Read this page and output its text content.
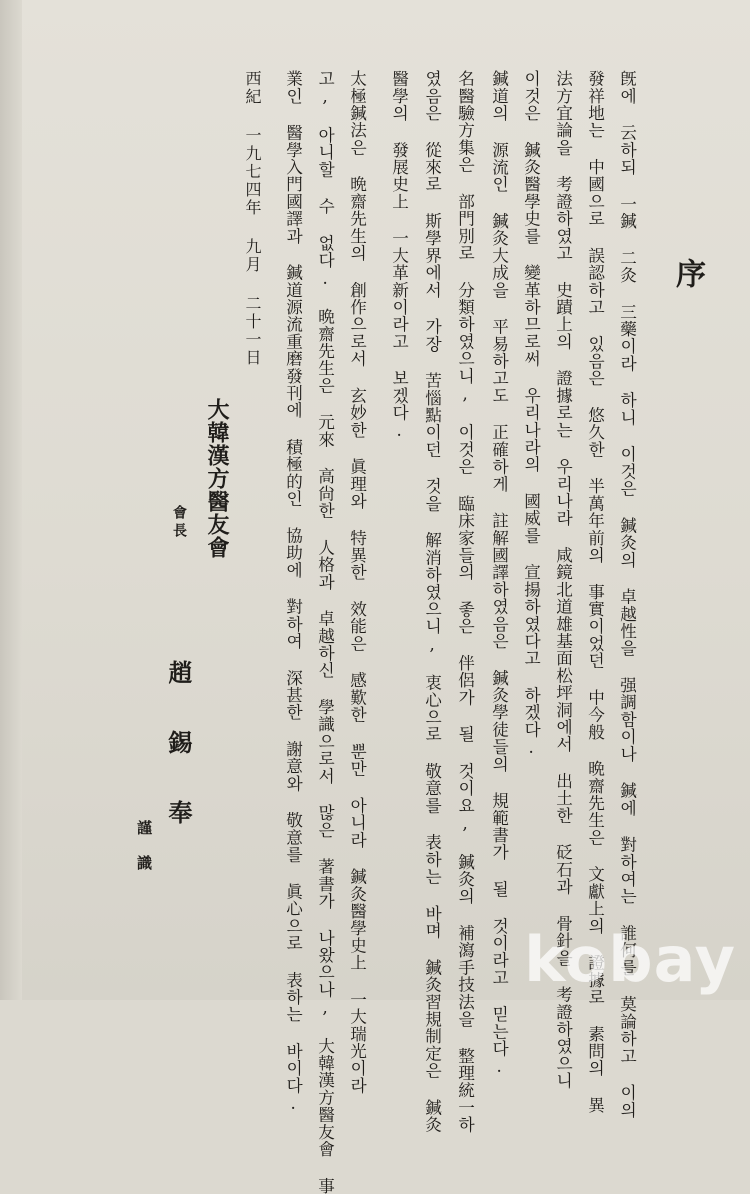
序
旣에 云하되 一鍼 二灸 三藥이라 하니 이것은 鍼灸의 卓越性을 强調함이나 鍼에 對하여는 誰何를 莫論하고 이의
發祥地는 中國으로 誤認하고 있음은 悠久한 半萬年前의 事實이었던 中今般 晩齋先生은 文獻上의 證據로 素問의 異
法方宜論을 考證하였고 史蹟上의 證據로는 우리나라 咸鏡北道雄基面松坪洞에서 出土한 砭石과 骨針을 考證하였으니
이것은 鍼灸醫學史를 變革하므로써 우리나라의 國威를 宣揚하였다고 하겠다.
鍼道의 源流인 鍼灸大成을 平易하고도 正確하게 註解國譯하였음은 鍼灸學徒들의 規範書가 될 것이라고 믿는다.
名醫驗方集은 部門別로 分類하였으니, 이것은 臨床家들의 좋은 伴侶가 될 것이요, 鍼灸의 補瀉手技法을 整理統一하
였음은 從來로 斯學界에서 가장 苦惱點이던 것을 解消하였으니, 衷心으로 敬意를 表하는 바며 鍼灸習規制定은 鍼灸
醫學의 發展史上 一大革新이라고 보겠다.
太極鍼法은 晩齋先生의 創作으로서 玄妙한 眞理와 特異한 效能은 感歎한 뿐만 아니라 鍼灸醫學史上 一大瑞光이라
고, 아니할 수 없다. 晩齋先生은 元來 高尙한 人格과 卓越하신 學識으로서 많은 著書가 나왔으나, 大韓漢方醫友會 事
業인 醫學入門國譯과 鍼道源流重磨發刊에 積極的인 協助에 對하여 深甚한 謝意와 敬意를 眞心으로 表하는 바이다.
西紀 一九七四年 九月 二十一日
大韓漢方醫友會
會長
趙錫奉
謹識
kobay
